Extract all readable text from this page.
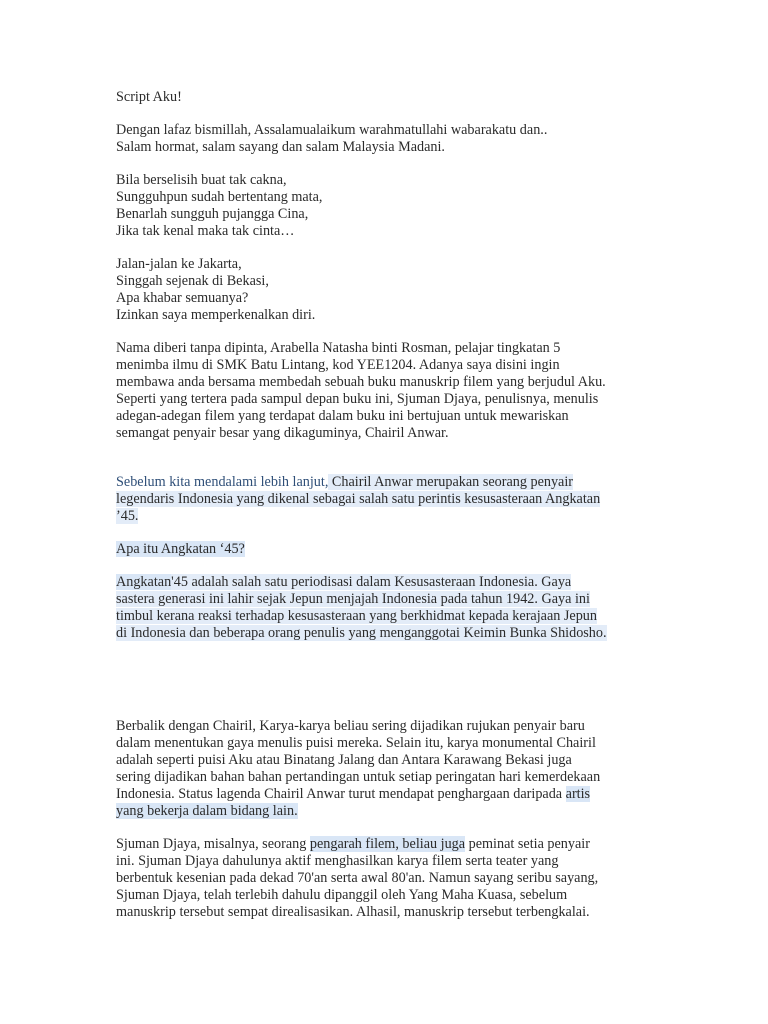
Script Aku!

Dengan lafaz bismillah, Assalamualaikum warahmatullahi wabarakatu dan..
Salam hormat, salam sayang dan salam Malaysia Madani.

Bila berselisih buat tak cakna,
Sungguhpun sudah bertentang mata,
Benarlah sungguh pujangga Cina,
Jika tak kenal maka tak cinta…

Jalan-jalan ke Jakarta,
Singgah sejenak di Bekasi,
Apa khabar semuanya?
Izinkan saya memperkenalkan diri.

Nama diberi tanpa dipinta, Arabella Natasha binti Rosman, pelajar tingkatan 5
menimba ilmu di SMK Batu Lintang, kod YEE1204. Adanya saya disini ingin
membawa anda bersama membedah sebuah buku manuskrip filem yang berjudul Aku.
Seperti yang tertera pada sampul depan buku ini, Sjuman Djaya, penulisnya, menulis
adegan-adegan filem yang terdapat dalam buku ini bertujuan untuk mewariskan
semangat penyair besar yang dikaguminya, Chairil Anwar.

Sebelum kita mendalami lebih lanjut, Chairil Anwar merupakan seorang penyair
legendaris Indonesia yang dikenal sebagai salah satu perintis kesusasteraan Angkatan
’45.

Apa itu Angkatan ‘45?

Angkatan'45 adalah salah satu periodisasi dalam Kesusasteraan Indonesia. Gaya
sastera generasi ini lahir sejak Jepun menjajah Indonesia pada tahun 1942. Gaya ini
timbul kerana reaksi terhadap kesusasteraan yang berkhidmat kepada kerajaan Jepun
di Indonesia dan beberapa orang penulis yang menganggotai Keimin Bunka Shidosho.

Berbalik dengan Chairil, Karya-karya beliau sering dijadikan rujukan penyair baru
dalam menentukan gaya menulis puisi mereka. Selain itu, karya monumental Chairil
adalah seperti puisi Aku atau Binatang Jalang dan Antara Karawang Bekasi juga
sering dijadikan bahan bahan pertandingan untuk setiap peringatan hari kemerdekaan
Indonesia. Status lagenda Chairil Anwar turut mendapat penghargaan daripada artis
yang bekerja dalam bidang lain.

Sjuman Djaya, misalnya, seorang pengarah filem, beliau juga peminat setia penyair
ini. Sjuman Djaya dahulunya aktif menghasilkan karya filem serta teater yang
berbentuk kesenian pada dekad 70'an serta awal 80'an. Namun sayang seribu sayang,
Sjuman Djaya, telah terlebih dahulu dipanggil oleh Yang Maha Kuasa, sebelum
manuskrip tersebut sempat direalisasikan. Alhasil, manuskrip tersebut terbengkalai.
